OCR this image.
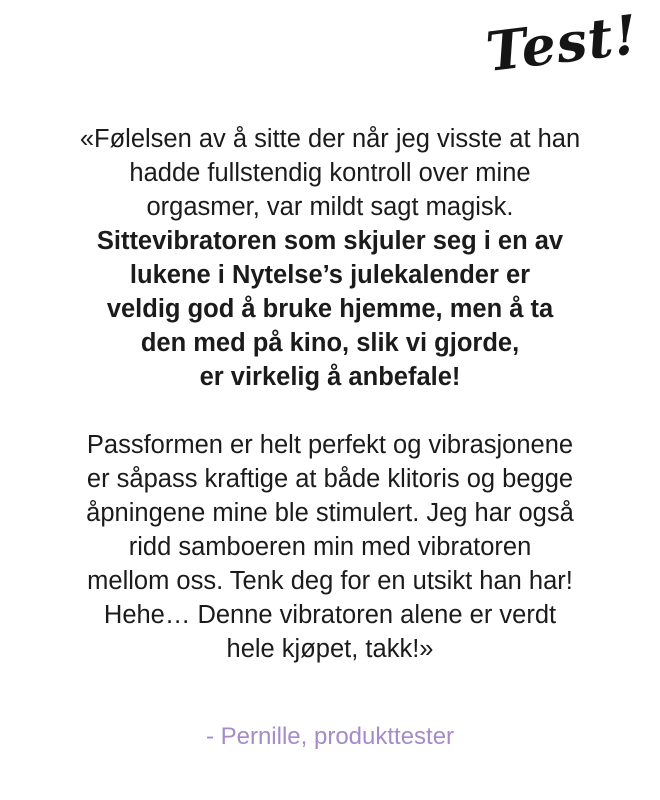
Test!

«Følelsen av å sitte der når jeg visste at han
hadde fullstendig kontroll over mine
orgasmer, var mildt sagt magisk.
Sittevibratoren som skjuler seg i en av
lukene i Nytelse’s julekalender er
veldig god å bruke hjemme, men å ta
den med på kino, slik vi gjorde,
er virkelig å anbefale!

Passformen er helt perfekt og vibrasjonene
er såpass kraftige at både klitoris og begge
åpningene mine ble stimulert. Jeg har også
ridd samboeren min med vibratoren
mellom oss. Tenk deg for en utsikt han har!
Hehe… Denne vibratoren alene er verdt
hele kjøpet, takk!»

- Pernille, produkttester
